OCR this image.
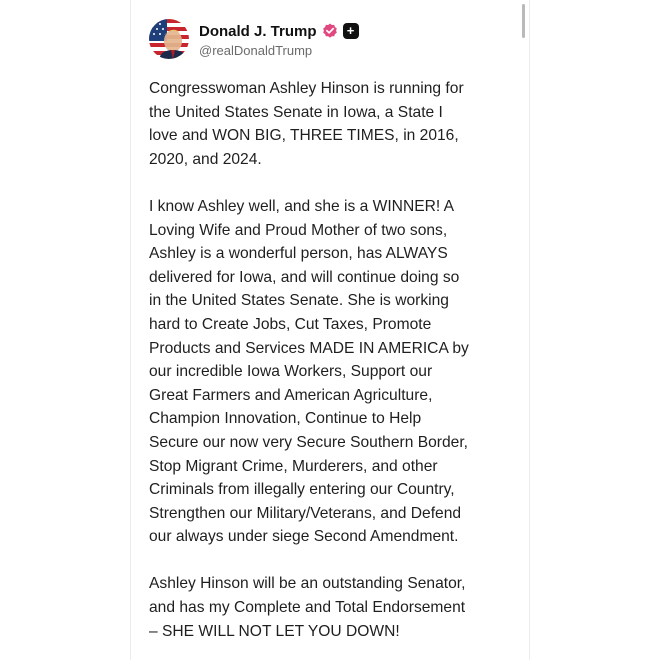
Donald J. Trump	+
@realDonaldTrump

Congresswoman Ashley Hinson is running for
the United States Senate in Iowa, a State I
love and WON BIG, THREE TIMES, in 2016,
2020, and 2024.

I know Ashley well, and she is a WINNER! A
Loving Wife and Proud Mother of two sons,
Ashley is a wonderful person, has ALWAYS
delivered for Iowa, and will continue doing so
in the United States Senate. She is working
hard to Create Jobs, Cut Taxes, Promote
Products and Services MADE IN AMERICA by
our incredible Iowa Workers, Support our
Great Farmers and American Agriculture,
Champion Innovation, Continue to Help
Secure our now very Secure Southern Border,
Stop Migrant Crime, Murderers, and other
Criminals from illegally entering our Country,
Strengthen our Military/Veterans, and Defend
our always under siege Second Amendment.

Ashley Hinson will be an outstanding Senator,
and has my Complete and Total Endorsement
– SHE WILL NOT LET YOU DOWN!
